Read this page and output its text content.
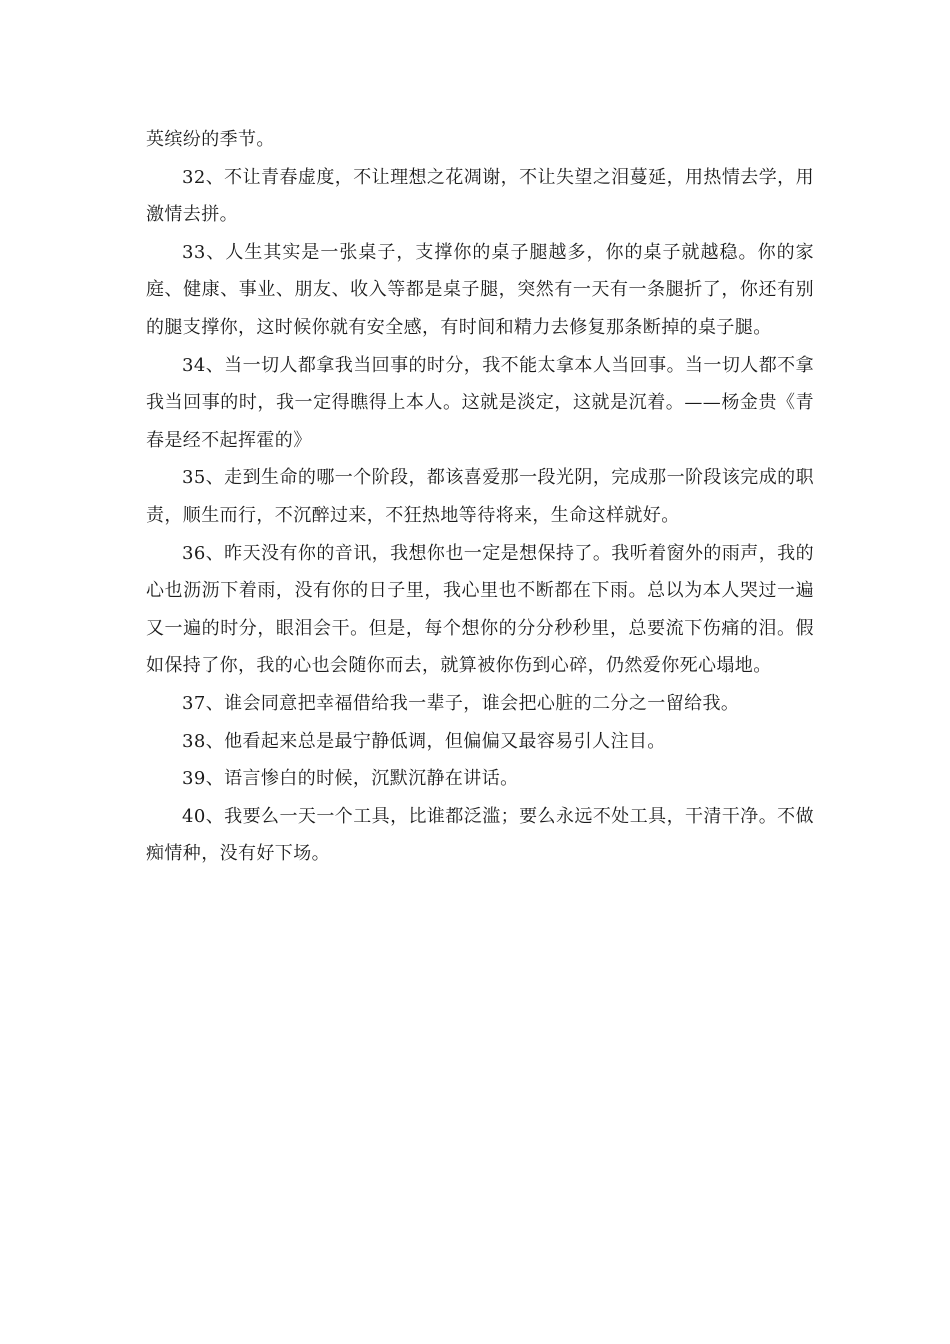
英缤纷的季节。

32、不让青春虚度，不让理想之花凋谢，不让失望之泪蔓延，用热情去学，用激情去拼。

33、人生其实是一张桌子，支撑你的桌子腿越多，你的桌子就越稳。你的家庭、健康、事业、朋友、收入等都是桌子腿，突然有一天有一条腿折了，你还有别的腿支撑你，这时候你就有安全感，有时间和精力去修复那条断掉的桌子腿。

34、当一切人都拿我当回事的时分，我不能太拿本人当回事。当一切人都不拿我当回事的时，我一定得瞧得上本人。这就是淡定，这就是沉着。——杨金贵《青春是经不起挥霍的》

35、走到生命的哪一个阶段，都该喜爱那一段光阴，完成那一阶段该完成的职责，顺生而行，不沉醉过来，不狂热地等待将来，生命这样就好。

36、昨天没有你的音讯，我想你也一定是想保持了。我听着窗外的雨声，我的心也沥沥下着雨，没有你的日子里，我心里也不断都在下雨。总以为本人哭过一遍又一遍的时分，眼泪会干。但是，每个想你的分分秒秒里，总要流下伤痛的泪。假如保持了你，我的心也会随你而去，就算被你伤到心碎，仍然爱你死心塌地。

37、谁会同意把幸福借给我一辈子，谁会把心脏的二分之一留给我。

38、他看起来总是最宁静低调，但偏偏又最容易引人注目。

39、语言惨白的时候，沉默沉静在讲话。

40、我要么一天一个工具，比谁都泛滥；要么永远不处工具，干清干净。不做痴情种，没有好下场。
